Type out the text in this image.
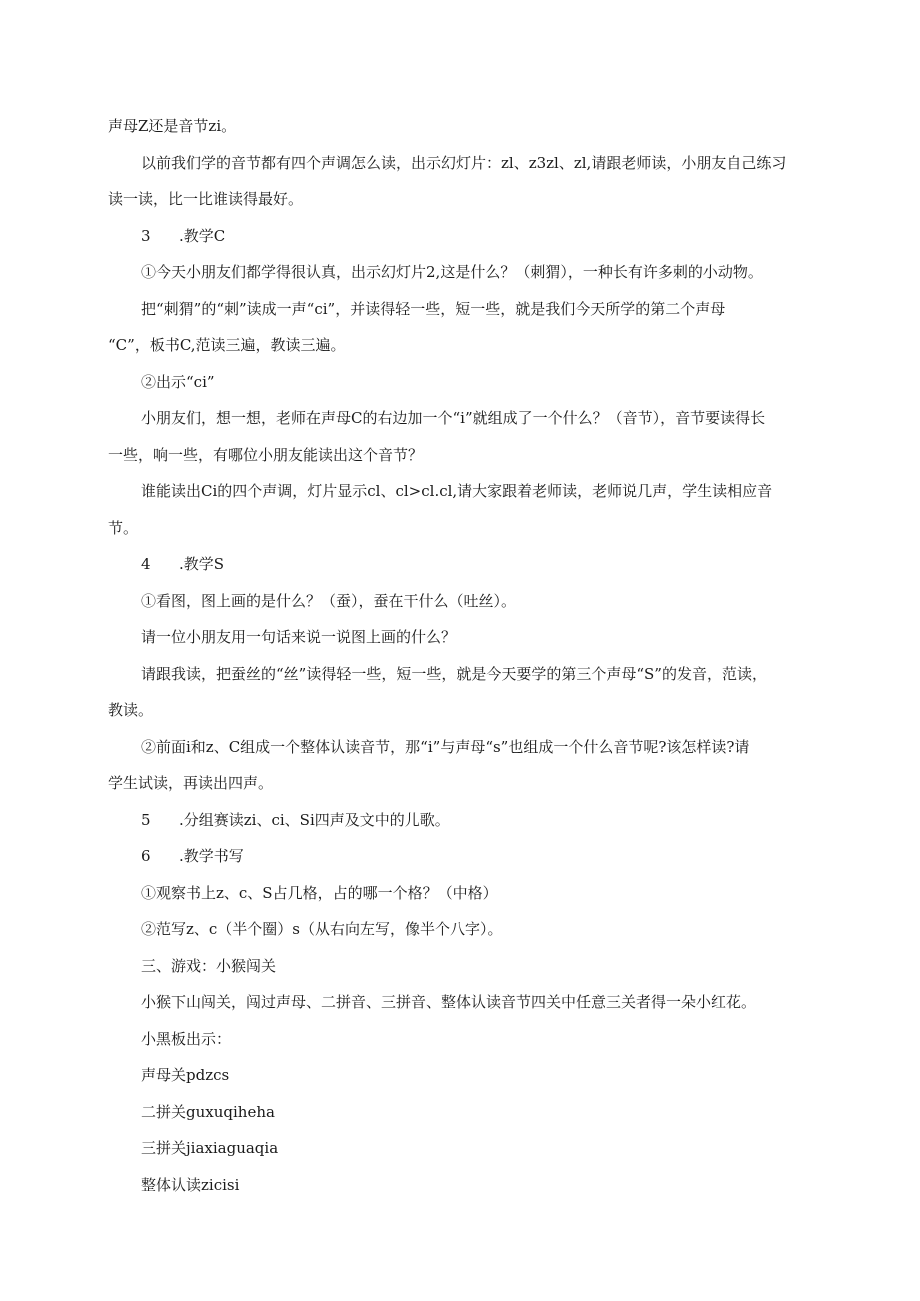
声母Z还是音节zi。
以前我们学的音节都有四个声调怎么读，出示幻灯片：zl、z3zl、zl,请跟老师读，小朋友自己练习
读一读，比一比谁读得最好。
3 .教学C
①今天小朋友们都学得很认真，出示幻灯片2,这是什么？（刺猬），一种长有许多刺的小动物。
把“刺猬”的“刺”读成一声“ci”，并读得轻一些，短一些，就是我们今天所学的第二个声母
“C”，板书C,范读三遍，教读三遍。
②出示“ci”
小朋友们，想一想，老师在声母C的右边加一个“i”就组成了一个什么？（音节），音节要读得长
一些，响一些，有哪位小朋友能读出这个音节？
谁能读出Ci的四个声调，灯片显示cl、cl>cl.cl,请大家跟着老师读，老师说几声，学生读相应音
节。
4 .教学S
①看图，图上画的是什么？（蚕），蚕在干什么（吐丝）。
请一位小朋友用一句话来说一说图上画的什么？
请跟我读，把蚕丝的“丝”读得轻一些，短一些，就是今天要学的第三个声母“S”的发音，范读，
教读。
②前面i和z、C组成一个整体认读音节，那“i”与声母“s”也组成一个什么音节呢?该怎样读?请
学生试读，再读出四声。
5 .分组赛读zi、ci、Si四声及文中的儿歌。
6 .教学书写
①观察书上z、c、S占几格，占的哪一个格？（中格）
②范写z、c（半个圈）s（从右向左写，像半个八字）。
三、游戏：小猴闯关
小猴下山闯关，闯过声母、二拼音、三拼音、整体认读音节四关中任意三关者得一朵小红花。
小黑板出示：
声母关pdzcs
二拼关guxuqiheha
三拼关jiaxiaguaqia
整体认读zicisi
